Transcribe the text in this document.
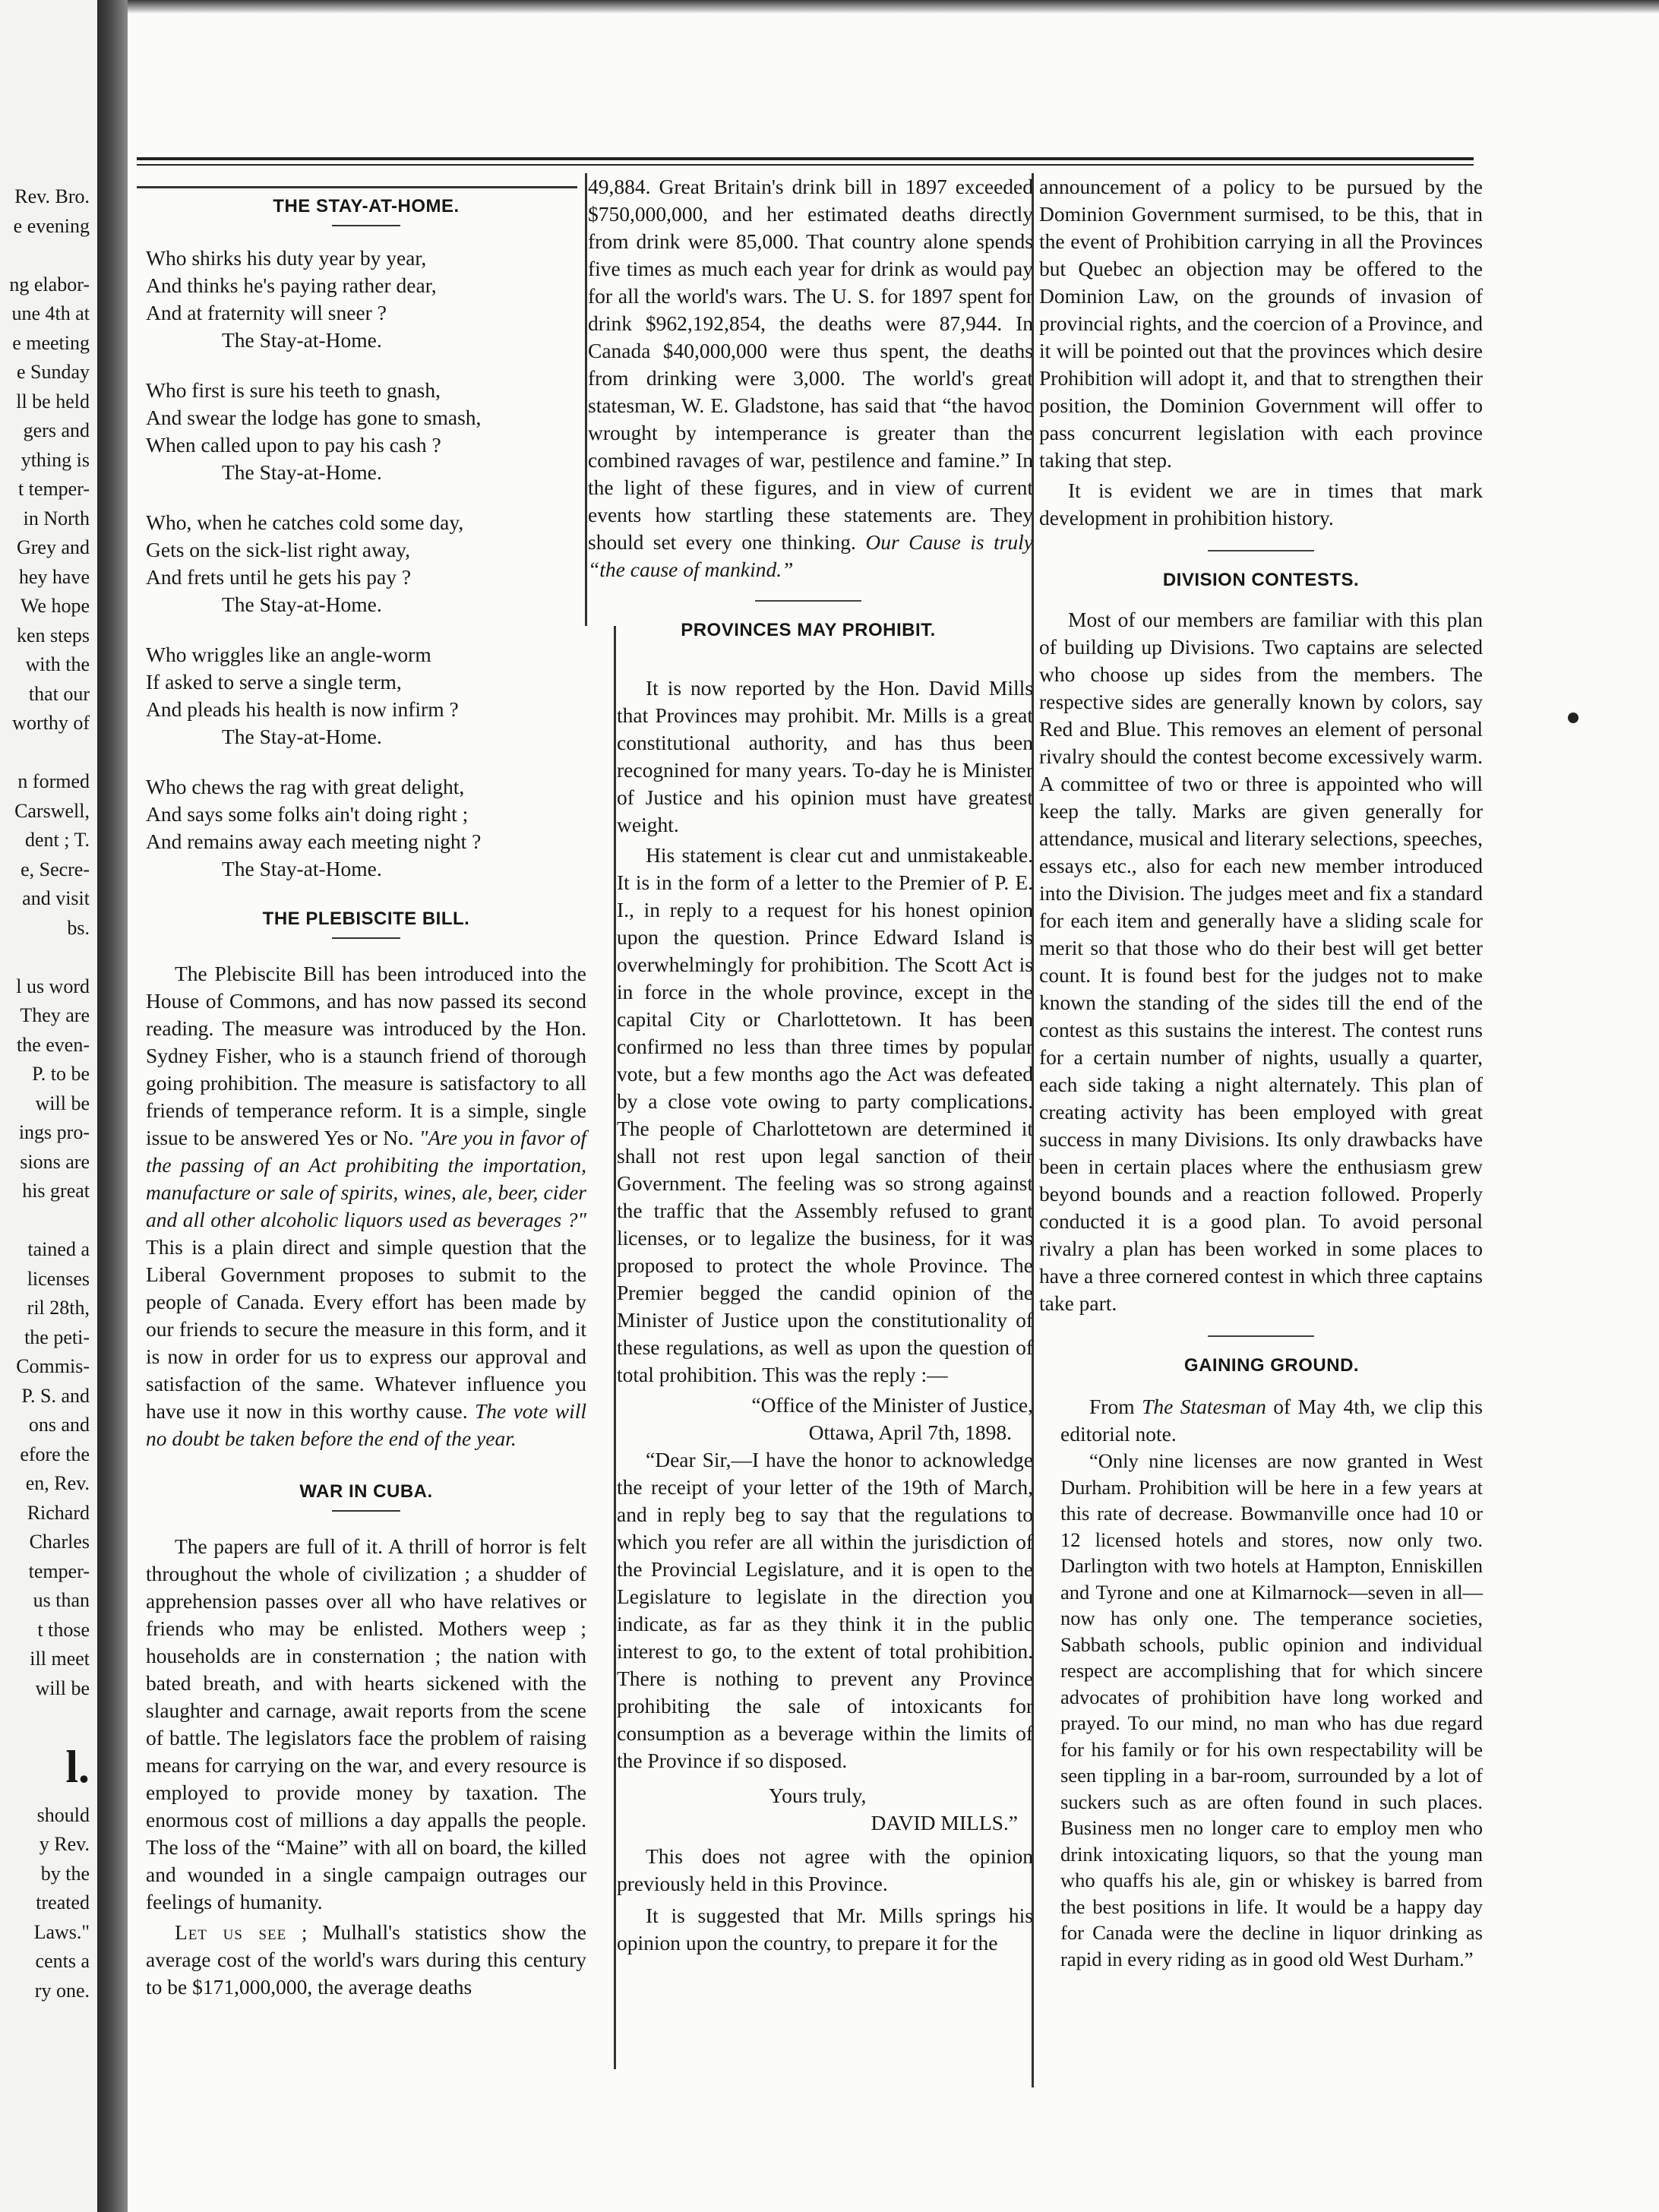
Rev. Bro.
e evening
ng elabor-
une 4th at
e meeting
e Sunday
ll be held
gers and
ything is
t temper-
in North
Grey and
hey have
We hope
ken steps
with the
that our
worthy of
n formed
Carswell,
dent ; T.
e, Secre-
and visit
bs.
l us word
They are
the even-
P. to be
will be
ings pro-
sions are
his great
tained a
licenses
ril 28th,
the peti-
Commis-
P. S. and
ons and
efore the
en, Rev.
Richard
Charles
temper-
us than
t those
ill meet
will be
l.
should
y Rev.
by the
treated
Laws."
cents a
ry one.
THE STAY-AT-HOME.
Who shirks his duty year by year,
And thinks he's paying rather dear,
And at fraternity will sneer ?
The Stay-at-Home.
Who first is sure his teeth to gnash,
And swear the lodge has gone to smash,
When called upon to pay his cash ?
The Stay-at-Home.
Who, when he catches cold some day,
Gets on the sick-list right away,
And frets until he gets his pay ?
The Stay-at-Home.
Who wriggles like an angle-worm
If asked to serve a single term,
And pleads his health is now infirm ?
The Stay-at-Home.
Who chews the rag with great delight,
And says some folks ain't doing right ;
And remains away each meeting night ?
The Stay-at-Home.
THE PLEBISCITE BILL.

The Plebiscite Bill has been introduced into the House of Commons, and has now passed its second reading. The measure was introduced by the Hon. Sydney Fisher, who is a staunch friend of thorough going prohibition. The measure is satisfactory to all friends of temperance reform. It is a simple, single issue to be answered Yes or No. "Are you in favor of the passing of an Act prohibiting the importation, manufacture or sale of spirits, wines, ale, beer, cider and all other alcoholic liquors used as beverages ?" This is a plain direct and simple question that the Liberal Government proposes to submit to the people of Canada. Every effort has been made by our friends to secure the measure in this form, and it is now in order for us to express our approval and satisfaction of the same. Whatever influence you have use it now in this worthy cause. The vote will no doubt be taken before the end of the year.

WAR IN CUBA.

The papers are full of it. A thrill of horror is felt throughout the whole of civilization ; a shudder of apprehension passes over all who have relatives or friends who may be enlisted. Mothers weep ; households are in consternation ; the nation with bated breath, and with hearts sickened with the slaughter and carnage, await reports from the scene of battle. The legislators face the problem of raising means for carrying on the war, and every resource is employed to provide money by taxation. The enormous cost of millions a day appalls the people. The loss of the “Maine” with all on board, the killed and wounded in a single campaign outrages our feelings of humanity.

Let us see ; Mulhall's statistics show the average cost of the world's wars during this century to be $171,000,000, the average deaths

49,884. Great Britain's drink bill in 1897 exceeded $750,000,000, and her estimated deaths directly from drink were 85,000. That country alone spends five times as much each year for drink as would pay for all the world's wars. The U. S. for 1897 spent for drink $962,192,854, the deaths were 87,944. In Canada $40,000,000 were thus spent, the deaths from drinking were 3,000. The world's great statesman, W. E. Gladstone, has said that “the havoc wrought by intemperance is greater than the combined ravages of war, pestilence and famine.” In the light of these figures, and in view of current events how startling these statements are. They should set every one thinking. Our Cause is truly “the cause of mankind.”

PROVINCES MAY PROHIBIT.

It is now reported by the Hon. David Mills that Provinces may prohibit. Mr. Mills is a great constitutional authority, and has thus been recognined for many years. To-day he is Minister of Justice and his opinion must have greatest weight.

His statement is clear cut and unmistakeable. It is in the form of a letter to the Premier of P. E. I., in reply to a request for his honest opinion upon the question. Prince Edward Island is overwhelmingly for prohibition. The Scott Act is in force in the whole province, except in the capital City or Charlottetown. It has been confirmed no less than three times by popular vote, but a few months ago the Act was defeated by a close vote owing to party complications. The people of Charlottetown are determined it shall not rest upon legal sanction of their Government. The feeling was so strong against the traffic that the Assembly refused to grant licenses, or to legalize the business, for it was proposed to protect the whole Province. The Premier begged the candid opinion of the Minister of Justice upon the constitutionality of these regulations, as well as upon the question of total prohibition. This was the reply :—

“Office of the Minister of Justice,
Ottawa, April 7th, 1898.

“Dear Sir,—I have the honor to acknowledge the receipt of your letter of the 19th of March, and in reply beg to say that the regulations to which you refer are all within the jurisdiction of the Provincial Legislature, and it is open to the Legislature to legislate in the direction you indicate, as far as they think it in the public interest to go, to the extent of total prohibition. There is nothing to prevent any Province prohibiting the sale of intoxicants for consumption as a beverage within the limits of the Province if so disposed.

Yours truly,
DAVID MILLS.”

This does not agree with the opinion previously held in this Province.

It is suggested that Mr. Mills springs his opinion upon the country, to prepare it for the

announcement of a policy to be pursued by the Dominion Government surmised, to be this, that in the event of Prohibition carrying in all the Provinces but Quebec an objection may be offered to the Dominion Law, on the grounds of invasion of provincial rights, and the coercion of a Province, and it will be pointed out that the provinces which desire Prohibition will adopt it, and that to strengthen their position, the Dominion Government will offer to pass concurrent legislation with each province taking that step.

It is evident we are in times that mark development in prohibition history.

DIVISION CONTESTS.

Most of our members are familiar with this plan of building up Divisions. Two captains are selected who choose up sides from the members. The respective sides are generally known by colors, say Red and Blue. This removes an element of personal rivalry should the contest become excessively warm. A committee of two or three is appointed who will keep the tally. Marks are given generally for attendance, musical and literary selections, speeches, essays etc., also for each new member introduced into the Division. The judges meet and fix a standard for each item and generally have a sliding scale for merit so that those who do their best will get better count. It is found best for the judges not to make known the standing of the sides till the end of the contest as this sustains the interest. The contest runs for a certain number of nights, usually a quarter, each side taking a night alternately. This plan of creating activity has been employed with great success in many Divisions. Its only drawbacks have been in certain places where the enthusiasm grew beyond bounds and a reaction followed. Properly conducted it is a good plan. To avoid personal rivalry a plan has been worked in some places to have a three cornered contest in which three captains take part.

GAINING GROUND.

From The Statesman of May 4th, we clip this editorial note.

“Only nine licenses are now granted in West Durham. Prohibition will be here in a few years at this rate of decrease. Bowmanville once had 10 or 12 licensed hotels and stores, now only two. Darlington with two hotels at Hampton, Enniskillen and Tyrone and one at Kilmarnock—seven in all—now has only one. The temperance societies, Sabbath schools, public opinion and individual respect are accomplishing that for which sincere advocates of prohibition have long worked and prayed. To our mind, no man who has due regard for his family or for his own respectability will be seen tippling in a bar-room, surrounded by a lot of suckers such as are often found in such places. Business men no longer care to employ men who drink intoxicating liquors, so that the young man who quaffs his ale, gin or whiskey is barred from the best positions in life. It would be a happy day for Canada were the decline in liquor drinking as rapid in every riding as in good old West Durham.”
